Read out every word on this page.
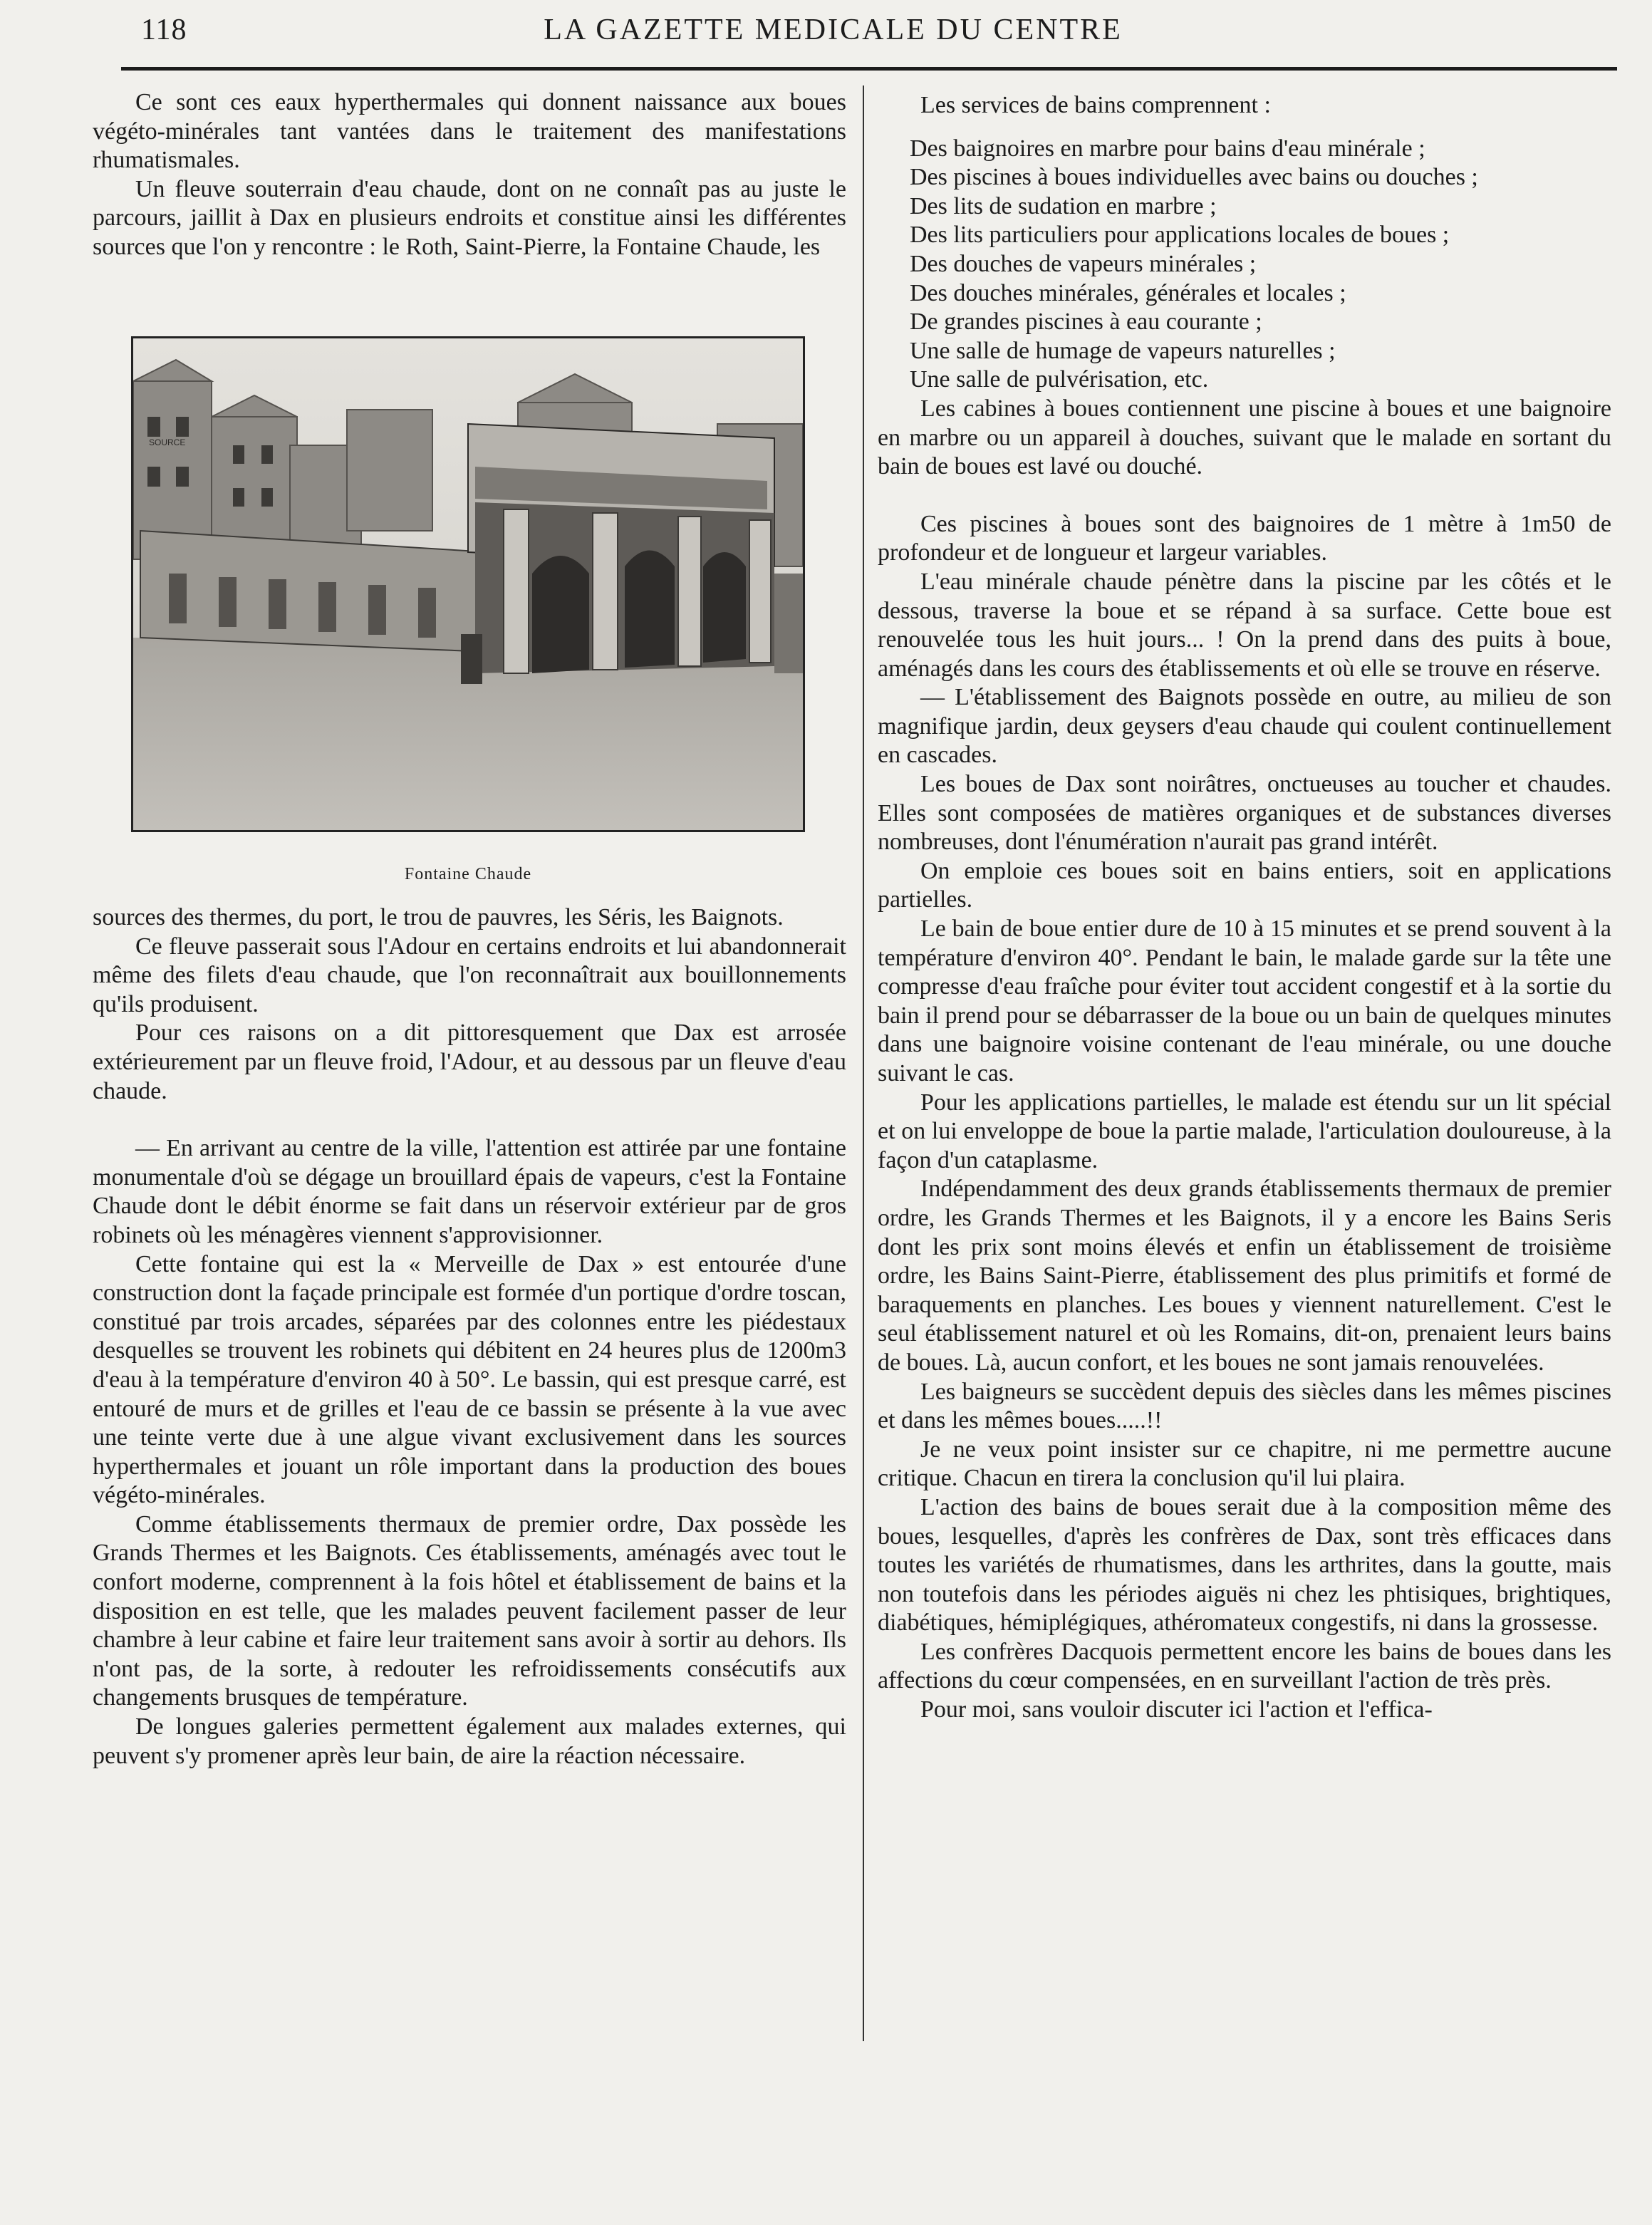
118	LA GAZETTE MEDICALE DU CENTRE

Ce sont ces eaux hyperthermales qui donnent naissance aux boues végéto-minérales tant vantées dans le traitement des manifestations rhumatismales.

Un fleuve souterrain d'eau chaude, dont on ne connaît pas au juste le parcours, jaillit à Dax en plusieurs endroits et constitue ainsi les différentes sources que l'on y rencontre : le Roth, Saint-Pierre, la Fontaine Chaude, les

SOURCE
Fontaine Chaude

sources des thermes, du port, le trou de pauvres, les Séris, les Baignots.

Ce fleuve passerait sous l'Adour en certains endroits et lui abandonnerait même des filets d'eau chaude, que l'on reconnaîtrait aux bouillonnements qu'ils produisent.

Pour ces raisons on a dit pittoresquement que Dax est arrosée extérieurement par un fleuve froid, l'Adour, et au dessous par un fleuve d'eau chaude.

— En arrivant au centre de la ville, l'attention est attirée par une fontaine monumentale d'où se dégage un brouillard épais de vapeurs, c'est la Fontaine Chaude dont le débit énorme se fait dans un réservoir extérieur par de gros robinets où les ménagères viennent s'approvisionner.

Cette fontaine qui est la « Merveille de Dax » est entourée d'une construction dont la façade principale est formée d'un portique d'ordre toscan, constitué par trois arcades, séparées par des colonnes entre les piédestaux desquelles se trouvent les robinets qui débitent en 24 heures plus de 1200m3 d'eau à la température d'environ 40 à 50°. Le bassin, qui est presque carré, est entouré de murs et de grilles et l'eau de ce bassin se présente à la vue avec une teinte verte due à une algue vivant exclusivement dans les sources hyperthermales et jouant un rôle important dans la production des boues végéto-minérales.

Comme établissements thermaux de premier ordre, Dax possède les Grands Thermes et les Baignots. Ces établissements, aménagés avec tout le confort moderne, comprennent à la fois hôtel et établissement de bains et la disposition en est telle, que les malades peuvent facilement passer de leur chambre à leur cabine et faire leur traitement sans avoir à sortir au dehors. Ils n'ont pas, de la sorte, à redouter les refroidissements consécutifs aux changements brusques de température.

De longues galeries permettent également aux malades externes, qui peuvent s'y promener après leur bain, de aire la réaction nécessaire.

Les services de bains comprennent :

Des baignoires en marbre pour bains d'eau minérale ;

Des piscines à boues individuelles avec bains ou douches ;

Des lits de sudation en marbre ;

Des lits particuliers pour applications locales de boues ;

Des douches de vapeurs minérales ;

Des douches minérales, générales et locales ;

De grandes piscines à eau courante ;

Une salle de humage de vapeurs naturelles ;

Une salle de pulvérisation, etc.

Les cabines à boues contiennent une piscine à boues et une baignoire en marbre ou un appareil à douches, suivant que le malade en sortant du bain de boues est lavé ou douché.

Ces piscines à boues sont des baignoires de 1 mètre à 1m50 de profondeur et de longueur et largeur variables.

L'eau minérale chaude pénètre dans la piscine par les côtés et le dessous, traverse la boue et se répand à sa surface. Cette boue est renouvelée tous les huit jours... ! On la prend dans des puits à boue, aménagés dans les cours des établissements et où elle se trouve en réserve.

— L'établissement des Baignots possède en outre, au milieu de son magnifique jardin, deux geysers d'eau chaude qui coulent continuellement en cascades.

Les boues de Dax sont noirâtres, onctueuses au toucher et chaudes. Elles sont composées de matières organiques et de substances diverses nombreuses, dont l'énumération n'aurait pas grand intérêt.

On emploie ces boues soit en bains entiers, soit en applications partielles.

Le bain de boue entier dure de 10 à 15 minutes et se prend souvent à la température d'environ 40°. Pendant le bain, le malade garde sur la tête une compresse d'eau fraîche pour éviter tout accident congestif et à la sortie du bain il prend pour se débarrasser de la boue ou un bain de quelques minutes dans une baignoire voisine contenant de l'eau minérale, ou une douche suivant le cas.

Pour les applications partielles, le malade est étendu sur un lit spécial et on lui enveloppe de boue la partie malade, l'articulation douloureuse, à la façon d'un cataplasme.

Indépendamment des deux grands établissements thermaux de premier ordre, les Grands Thermes et les Baignots, il y a encore les Bains Seris dont les prix sont moins élevés et enfin un établissement de troisième ordre, les Bains Saint-Pierre, établissement des plus primitifs et formé de baraquements en planches. Les boues y viennent naturellement. C'est le seul établissement naturel et où les Romains, dit-on, prenaient leurs bains de boues. Là, aucun confort, et les boues ne sont jamais renouvelées.

Les baigneurs se succèdent depuis des siècles dans les mêmes piscines et dans les mêmes boues.....!!

Je ne veux point insister sur ce chapitre, ni me permettre aucune critique. Chacun en tirera la conclusion qu'il lui plaira.

L'action des bains de boues serait due à la composition même des boues, lesquelles, d'après les confrères de Dax, sont très efficaces dans toutes les variétés de rhumatismes, dans les arthrites, dans la goutte, mais non toutefois dans les périodes aiguës ni chez les phtisiques, brightiques, diabétiques, hémiplégiques, athéromateux congestifs, ni dans la grossesse.

Les confrères Dacquois permettent encore les bains de boues dans les affections du cœur compensées, en en surveillant l'action de très près.

Pour moi, sans vouloir discuter ici l'action et l'effica-
